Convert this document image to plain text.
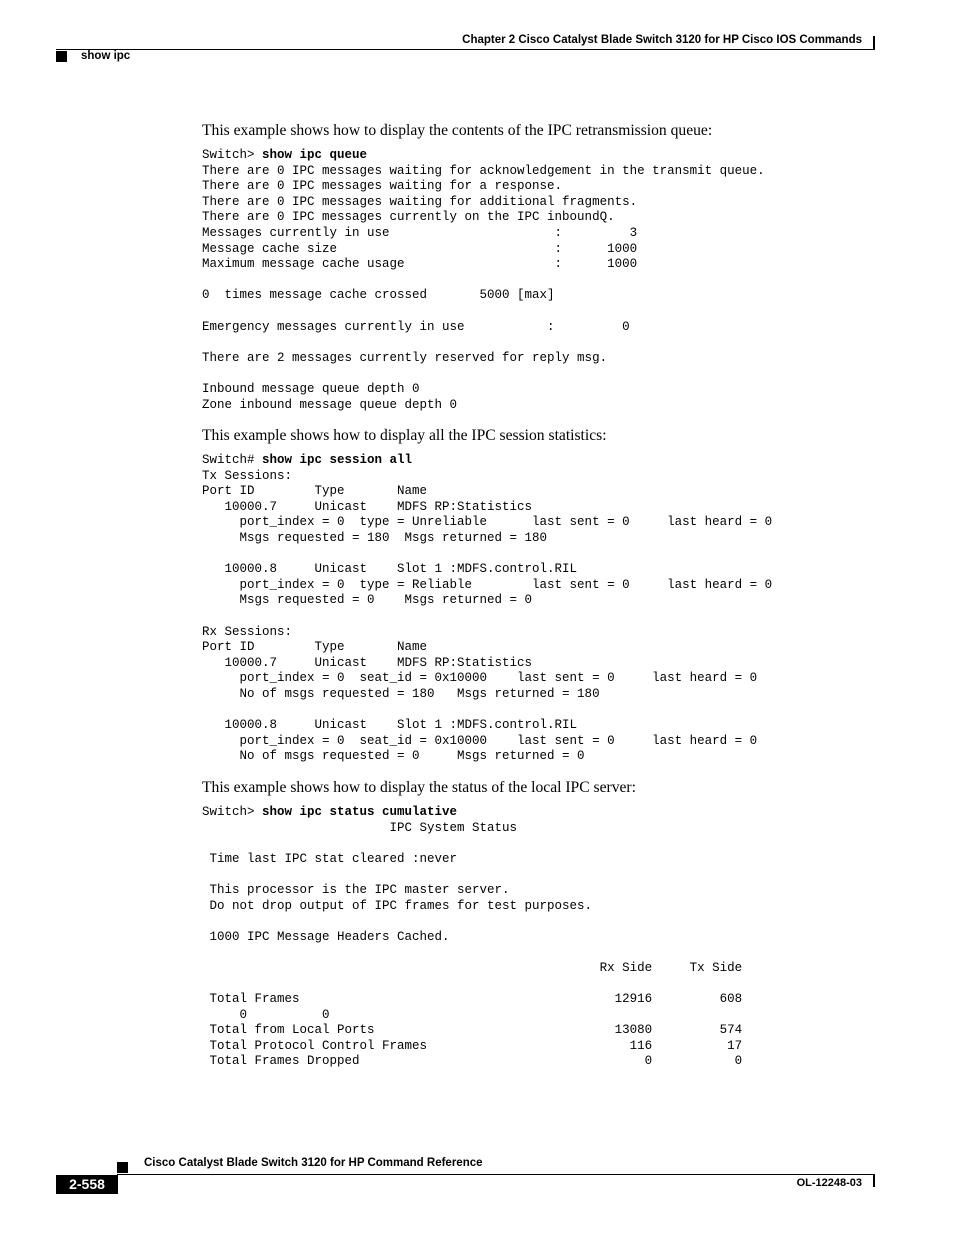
Chapter 2 Cisco Catalyst Blade Switch 3120 for HP Cisco IOS Commands
show ipc

This example shows how to display the contents of the IPC retransmission queue:

Switch> show ipc queue
There are 0 IPC messages waiting for acknowledgement in the transmit queue.
There are 0 IPC messages waiting for a response.
There are 0 IPC messages waiting for additional fragments.
There are 0 IPC messages currently on the IPC inboundQ.
Messages currently in use                      :         3
Message cache size                             :      1000
Maximum message cache usage                    :      1000

0  times message cache crossed       5000 [max]

Emergency messages currently in use           :         0

There are 2 messages currently reserved for reply msg.

Inbound message queue depth 0
Zone inbound message queue depth 0

This example shows how to display all the IPC session statistics:

Switch# show ipc session all
Tx Sessions:
Port ID        Type       Name
10000.7     Unicast    MDFS RP:Statistics
port_index = 0  type = Unreliable      last sent = 0     last heard = 0
Msgs requested = 180  Msgs returned = 180

10000.8     Unicast    Slot 1 :MDFS.control.RIL
port_index = 0  type = Reliable        last sent = 0     last heard = 0
Msgs requested = 0    Msgs returned = 0

Rx Sessions:
Port ID        Type       Name
10000.7     Unicast    MDFS RP:Statistics
port_index = 0  seat_id = 0x10000    last sent = 0     last heard = 0
No of msgs requested = 180   Msgs returned = 180

10000.8     Unicast    Slot 1 :MDFS.control.RIL
port_index = 0  seat_id = 0x10000    last sent = 0     last heard = 0
No of msgs requested = 0     Msgs returned = 0

This example shows how to display the status of the local IPC server:

Switch> show ipc status cumulative
IPC System Status

Time last IPC stat cleared :never

This processor is the IPC master server.
Do not drop output of IPC frames for test purposes.

1000 IPC Message Headers Cached.

Rx Side     Tx Side

Total Frames                                          12916         608
0          0
Total from Local Ports                                13080         574
Total Protocol Control Frames                           116          17
Total Frames Dropped                                      0           0
Cisco Catalyst Blade Switch 3120 for HP Command Reference
2-558	OL-12248-03
